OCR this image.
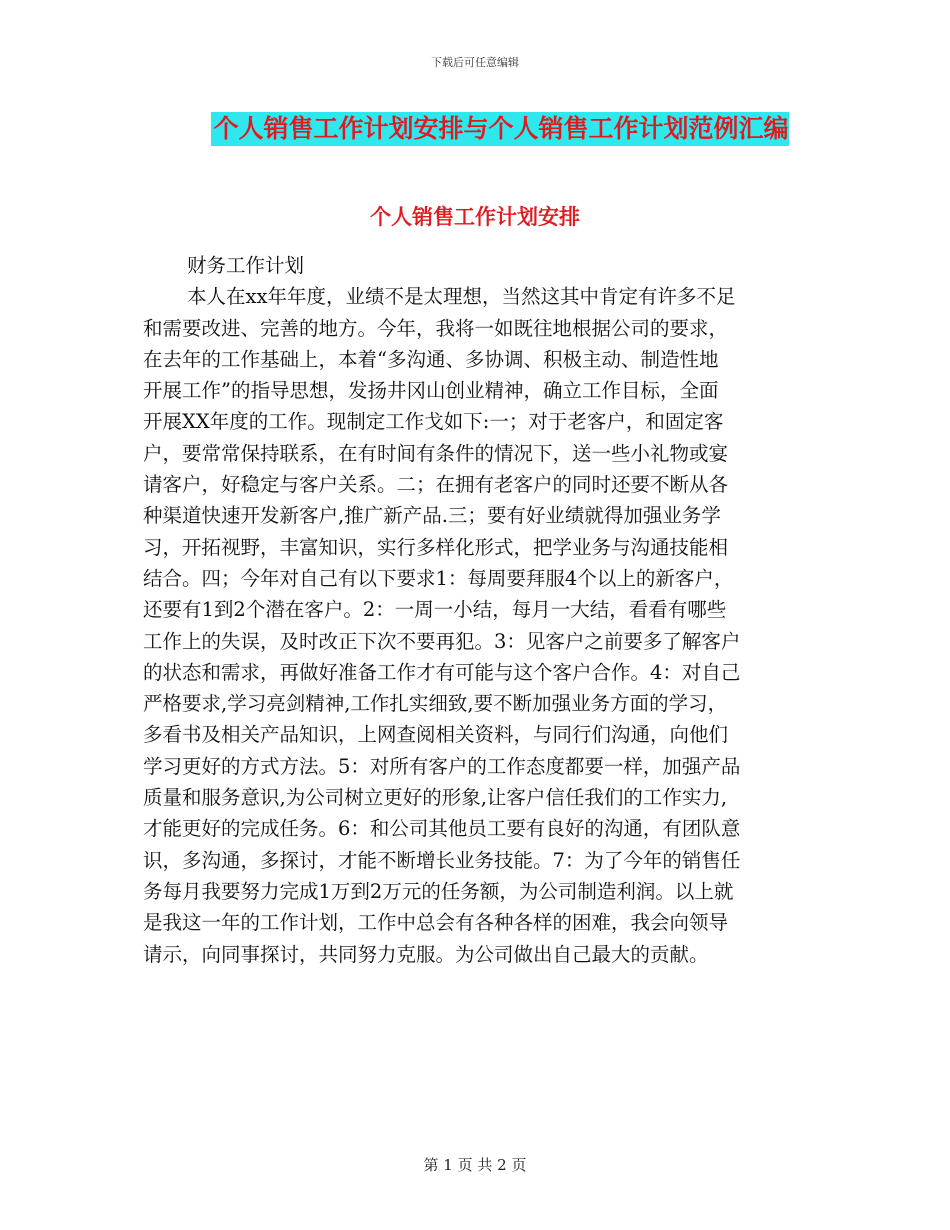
下载后可任意编辑
个人销售工作计划安排与个人销售工作计划范例汇编
个人销售工作计划安排

财务工作计划

本人在xx年年度，业绩不是太理想，当然这其中肯定有许多不足
和需要改进、完善的地方。今年，我将一如既往地根据公司的要求，
在去年的工作基础上，本着“多沟通、多协调、积极主动、制造性地
开展工作”的指导思想，发扬井冈山创业精神，确立工作目标，全面
开展XX年度的工作。现制定工作戈如下:一；对于老客户，和固定客
户，要常常保持联系，在有时间有条件的情况下，送一些小礼物或宴
请客户，好稳定与客户关系。二；在拥有老客户的同时还要不断从各
种渠道快速开发新客户,推广新产品.三；要有好业绩就得加强业务学
习，开拓视野，丰富知识，实行多样化形式，把学业务与沟通技能相
结合。四；今年对自己有以下要求1：每周要拜服4个以上的新客户，
还要有1到2个潜在客户。2：一周一小结，每月一大结，看看有哪些
工作上的失误，及时改正下次不要再犯。3：见客户之前要多了解客户
的状态和需求，再做好准备工作才有可能与这个客户合作。4：对自己
严格要求,学习亮剑精神,工作扎实细致,要不断加强业务方面的学习，
多看书及相关产品知识，上网查阅相关资料，与同行们沟通，向他们
学习更好的方式方法。5：对所有客户的工作态度都要一样，加强产品
质量和服务意识,为公司树立更好的形象,让客户信任我们的工作实力,
才能更好的完成任务。6：和公司其他员工要有良好的沟通，有团队意
识，多沟通，多探讨，才能不断增长业务技能。7：为了今年的销售任
务每月我要努力完成1万到2万元的任务额，为公司制造利润。以上就
是我这一年的工作计划，工作中总会有各种各样的困难，我会向领导
请示，向同事探讨，共同努力克服。为公司做出自己最大的贡献。
第 1 页 共 2 页
